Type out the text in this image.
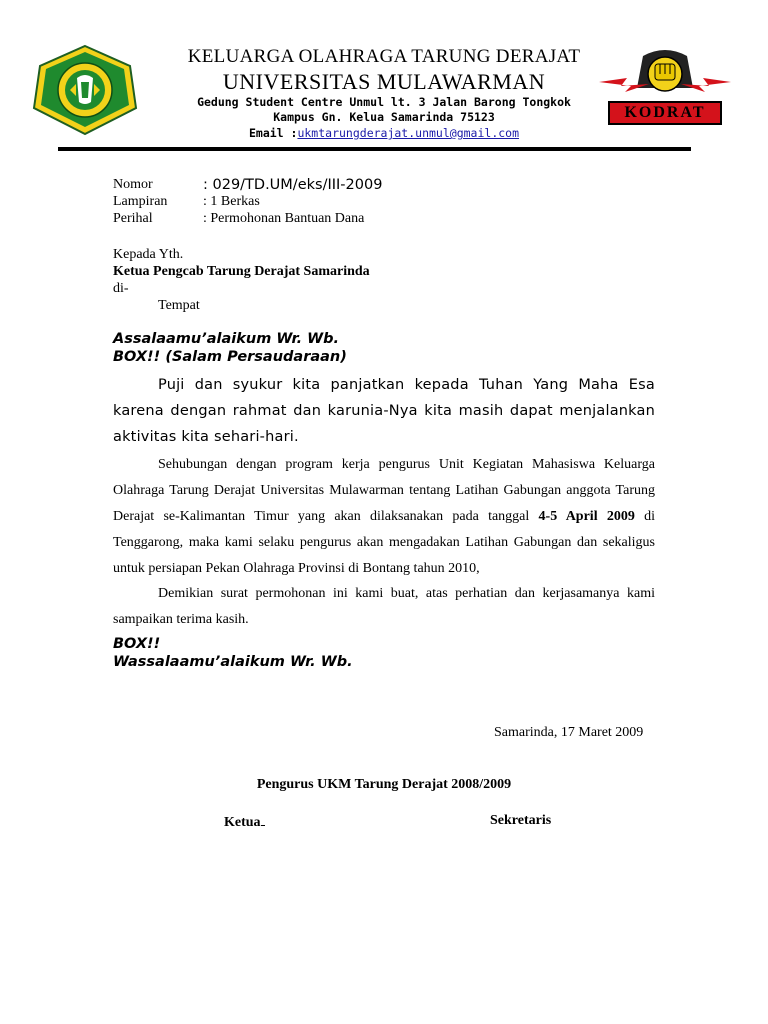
KODRAT
KELUARGA OLAHRAGA TARUNG DERAJAT
UNIVERSITAS MULAWARMAN
Gedung Student Centre Unmul lt. 3 Jalan Barong Tongkok
Kampus Gn. Kelua Samarinda 75123
Email :ukmtarungderajat.unmul@gmail.com
Nomor	: 029/TD.UM/eks/III-2009
Lampiran	: 1 Berkas
Perihal	: Permohonan Bantuan Dana
Kepada Yth.
Ketua Pengcab Tarung Derajat Samarinda
di-
Tempat
Assalaamu’alaikum Wr. Wb.
BOX!! (Salam Persaudaraan)
Puji dan syukur kita panjatkan kepada Tuhan Yang Maha Esa karena dengan rahmat dan karunia-Nya kita masih dapat menjalankan aktivitas kita sehari-hari.
Sehubungan dengan program kerja pengurus Unit Kegiatan Mahasiswa Keluarga Olahraga Tarung Derajat Universitas Mulawarman tentang Latihan Gabungan anggota Tarung Derajat se-Kalimantan Timur yang akan dilaksanakan pada tanggal 4-5 April 2009 di Tenggarong, maka kami selaku pengurus akan mengadakan Latihan Gabungan dan sekaligus untuk persiapan Pekan Olahraga Provinsi di Bontang tahun 2010,
Demikian surat permohonan ini kami buat, atas perhatian dan kerjasamanya kami sampaikan terima kasih.
BOX!!
Wassalaamu’alaikum Wr. Wb.
Samarinda, 17 Maret 2009
Pengurus UKM Tarung Derajat 2008/2009
Ketua	Sekretaris
